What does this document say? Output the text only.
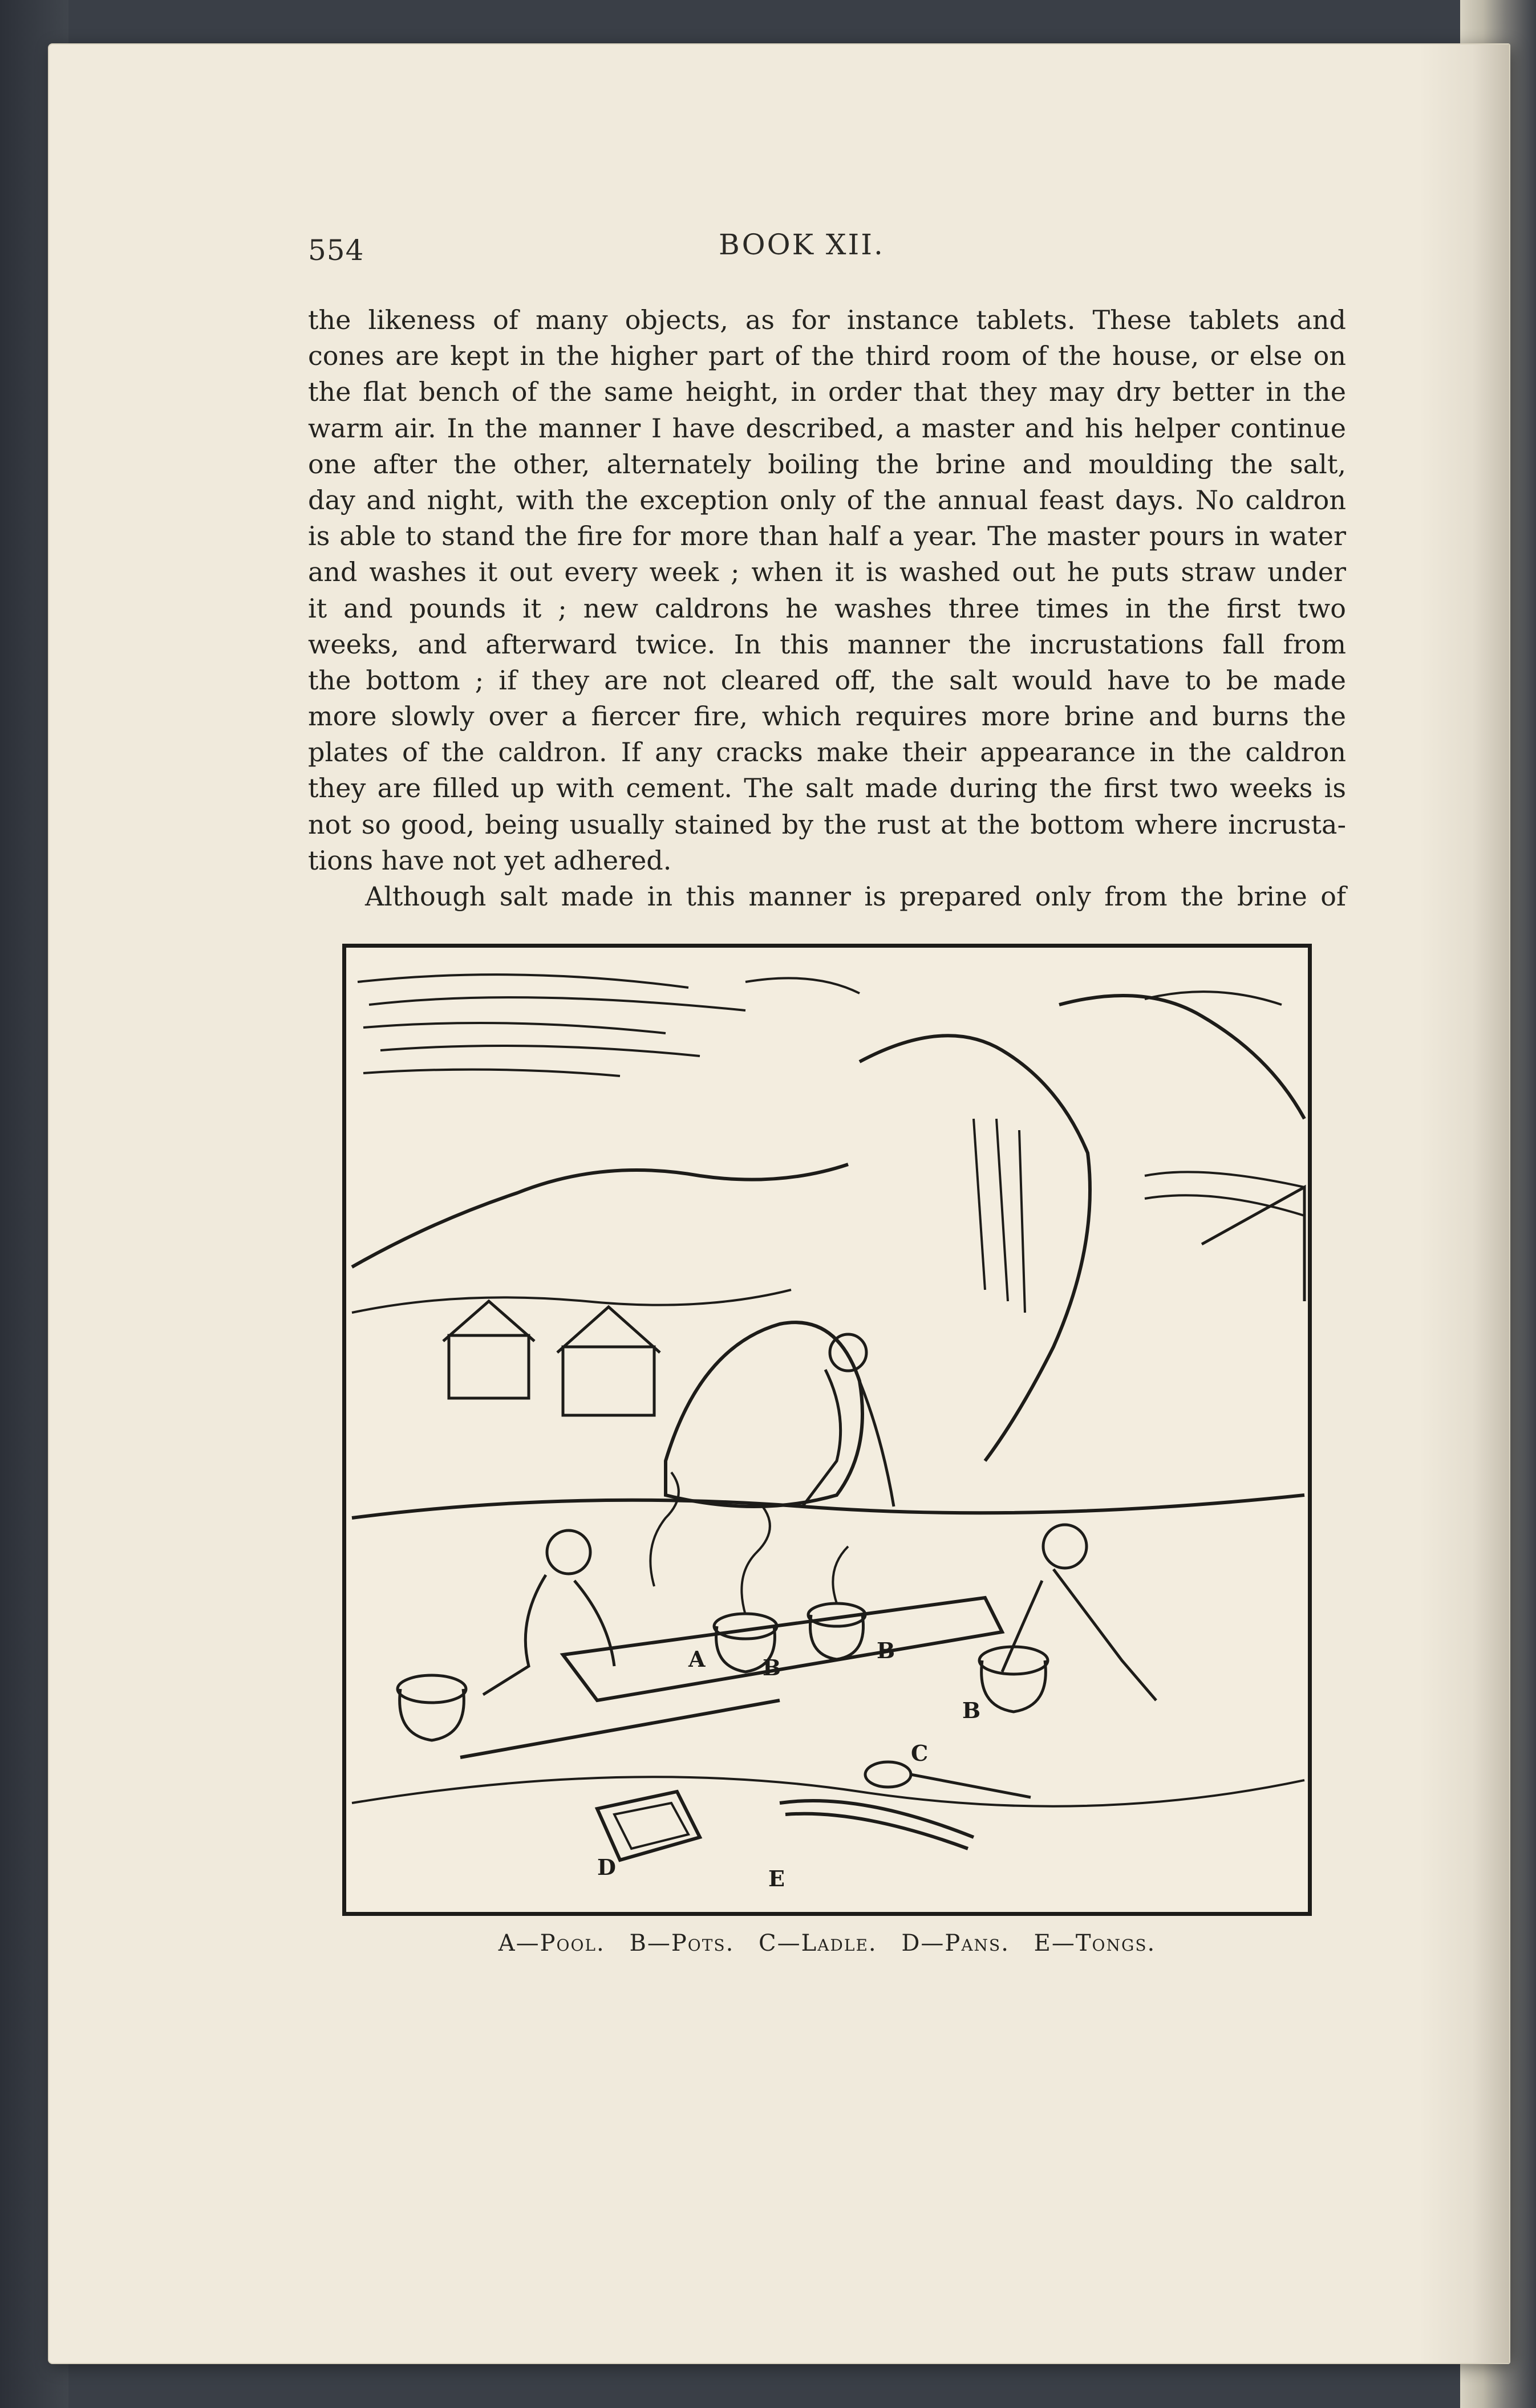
554	BOOK XII.
the likeness of many objects, as for instance tablets. These tablets and
cones are kept in the higher part of the third room of the house, or else on
the flat bench of the same height, in order that they may dry better in the
warm air. In the manner I have described, a master and his helper continue
one after the other, alternately boiling the brine and moulding the salt,
day and night, with the exception only of the annual feast days. No caldron
is able to stand the fire for more than half a year. The master pours in water
and washes it out every week ; when it is washed out he puts straw under
it and pounds it ; new caldrons he washes three times in the first two
weeks, and afterward twice. In this manner the incrustations fall from
the bottom ; if they are not cleared off, the salt would have to be made
more slowly over a fiercer fire, which requires more brine and burns the
plates of the caldron. If any cracks make their appearance in the caldron
they are filled up with cement. The salt made during the first two weeks is
not so good, being usually stained by the rust at the bottom where incrusta-
tions have not yet adhered.
Although salt made in this manner is prepared only from the brine of
A	B
B
B
C
D	E
A—Pool. B—Pots. C—Ladle. D—Pans. E—Tongs.
